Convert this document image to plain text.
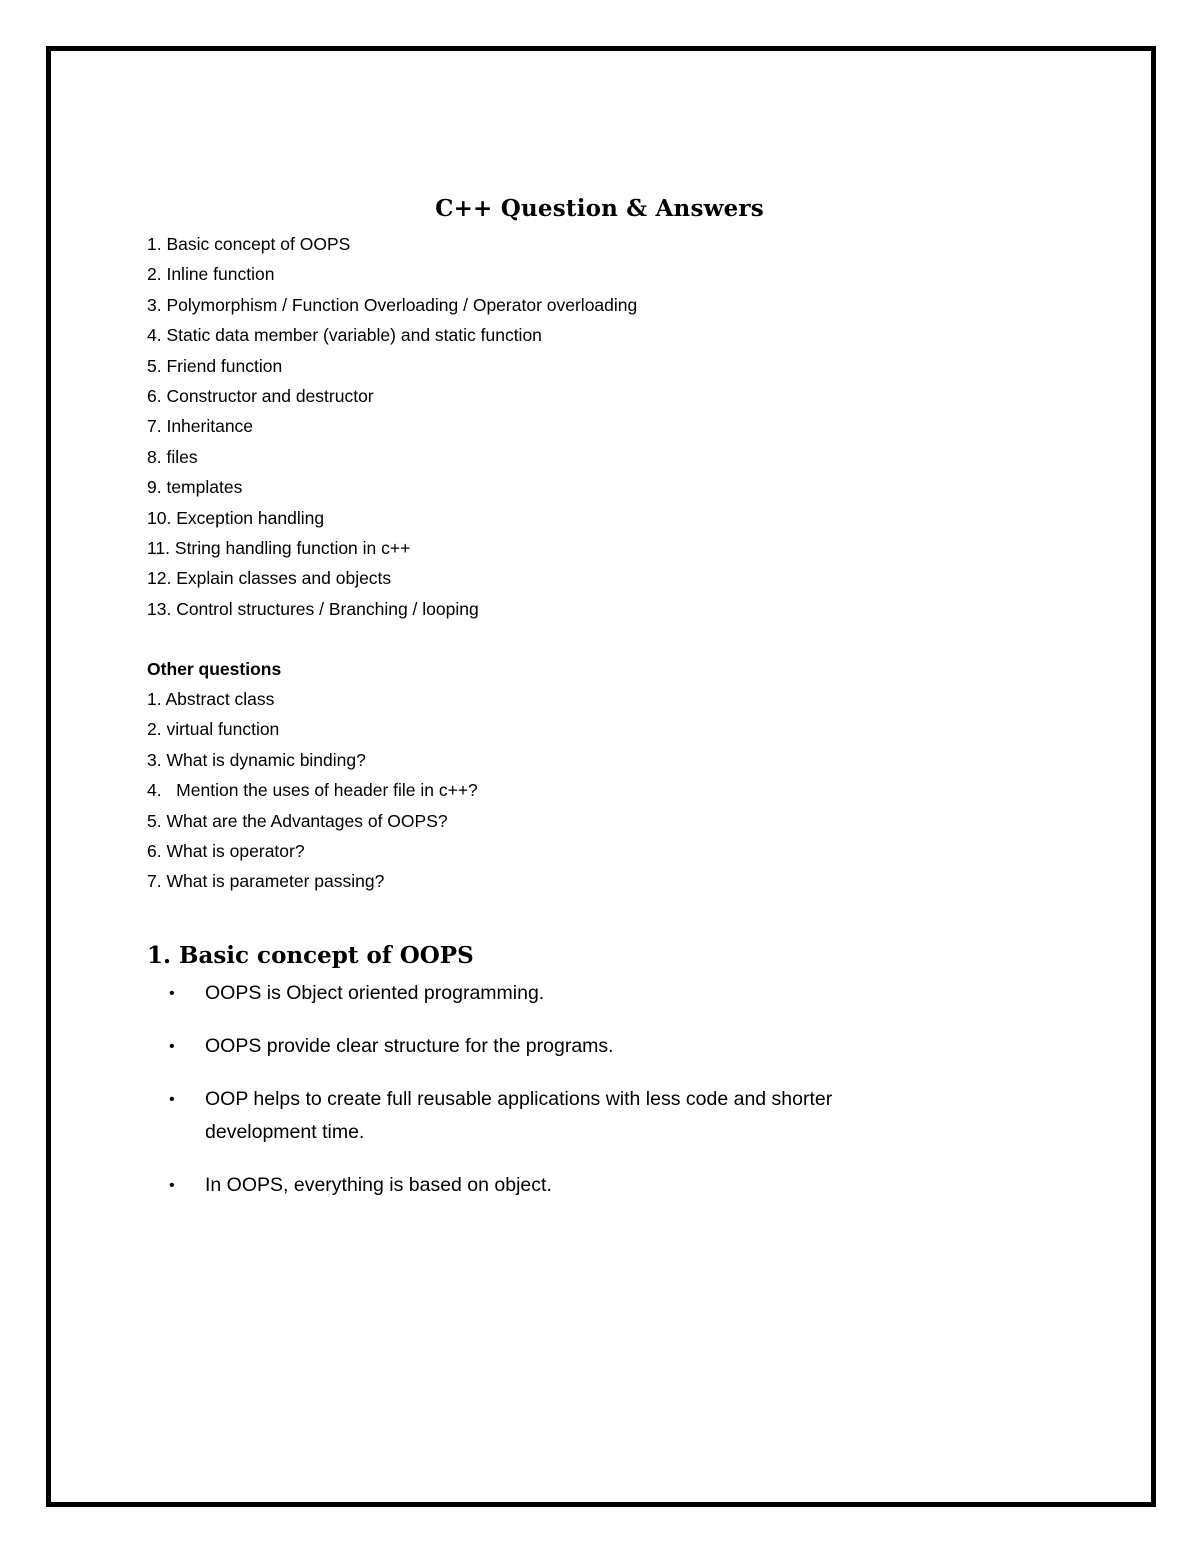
C++ Question & Answers
1. Basic concept of OOPS
2. Inline function
3. Polymorphism / Function Overloading / Operator overloading
4. Static data member (variable) and static function
5. Friend function
6. Constructor and destructor
7. Inheritance
8. files
9. templates
10. Exception handling
11. String handling function in c++
12. Explain classes and objects
13. Control structures / Branching / looping
Other questions
1. Abstract class
2. virtual function
3. What is dynamic binding?
4.   Mention the uses of header file in c++?
5. What are the Advantages of OOPS?
6. What is operator?
7. What is parameter passing?
1. Basic concept of OOPS
• OOPS is Object oriented programming.
• OOPS provide clear structure for the programs.
• OOP helps to create full reusable applications with less code and shorter development time.
• In OOPS, everything is based on object.
